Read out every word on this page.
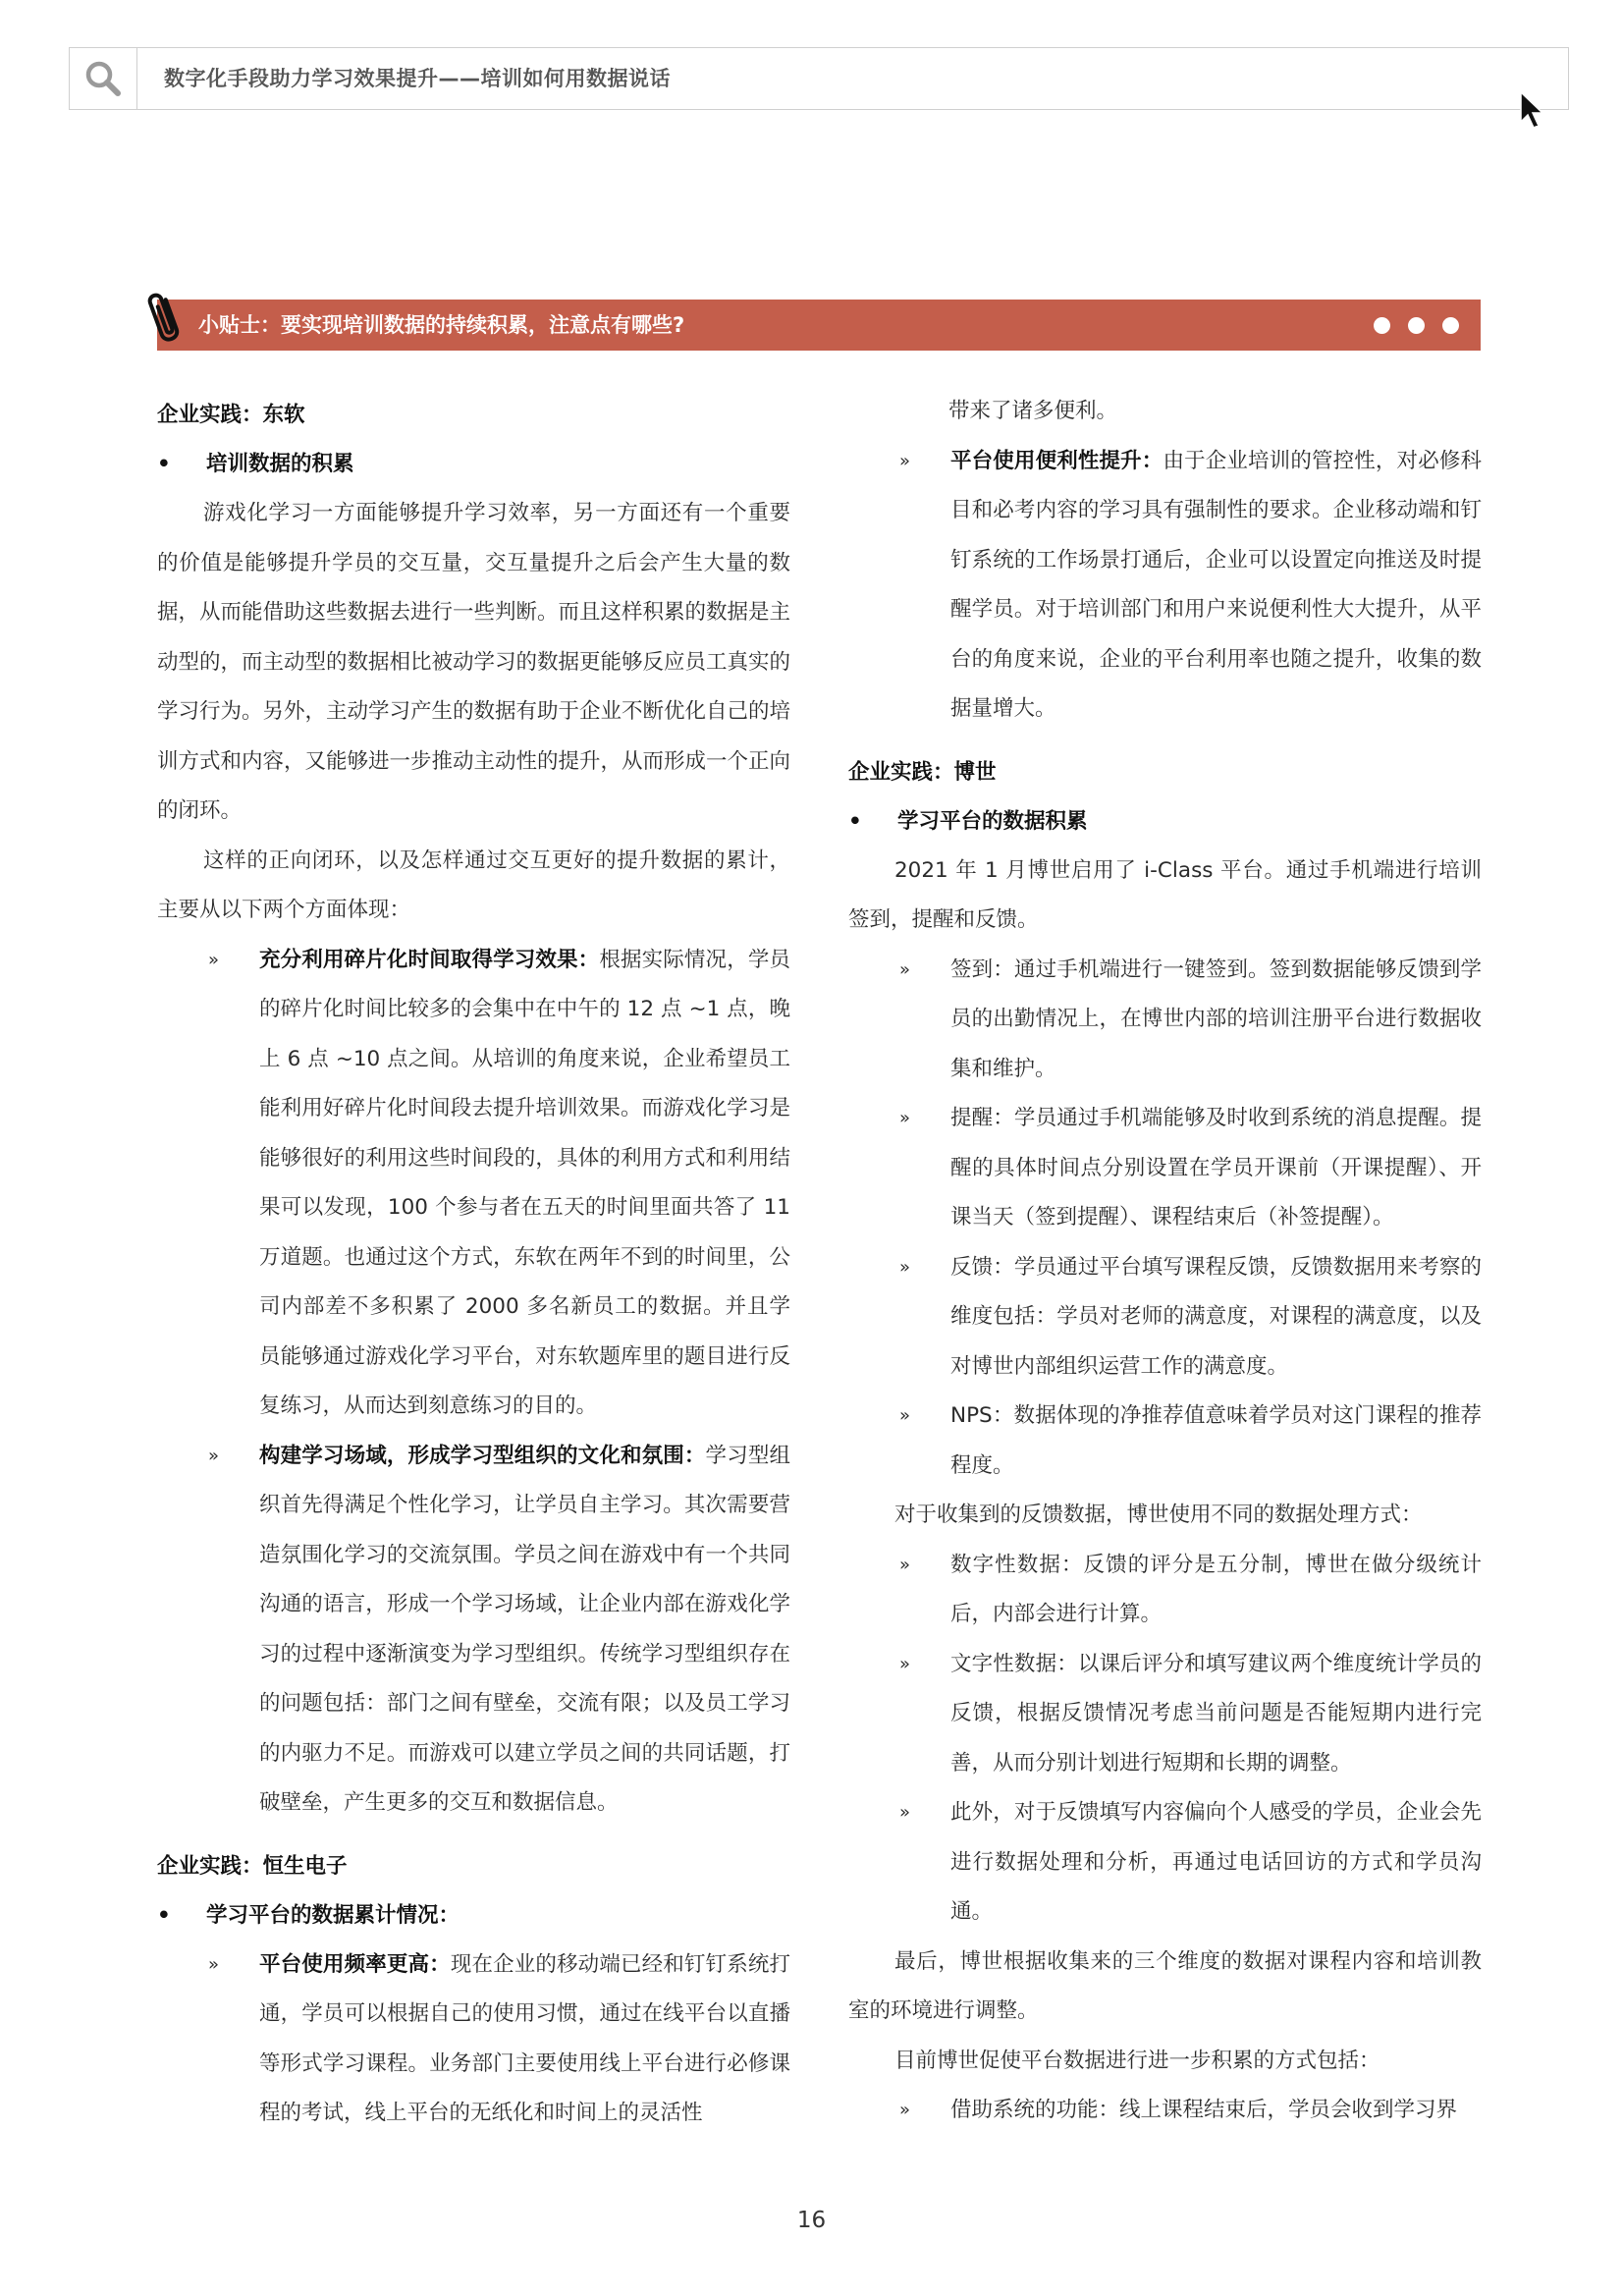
数字化手段助力学习效果提升——培训如何用数据说话
小贴士：要实现培训数据的持续积累，注意点有哪些?

企业实践：东软

•	培训数据的积累

游戏化学习一方面能够提升学习效率，另一方面还有一个重要的价值是能够提升学员的交互量，交互量提升之后会产生大量的数据，从而能借助这些数据去进行一些判断。而且这样积累的数据是主动型的，而主动型的数据相比被动学习的数据更能够反应员工真实的学习行为。另外，主动学习产生的数据有助于企业不断优化自己的培训方式和内容，又能够进一步推动主动性的提升，从而形成一个正向的闭环。

这样的正向闭环，以及怎样通过交互更好的提升数据的累计，主要从以下两个方面体现：

»	充分利用碎片化时间取得学习效果：根据实际情况，学员的碎片化时间比较多的会集中在中午的 12 点 ~1 点，晚上 6 点 ~10 点之间。从培训的角度来说，企业希望员工能利用好碎片化时间段去提升培训效果。而游戏化学习是能够很好的利用这些时间段的，具体的利用方式和利用结果可以发现，100 个参与者在五天的时间里面共答了 11 万道题。也通过这个方式，东软在两年不到的时间里，公司内部差不多积累了 2000 多名新员工的数据。并且学员能够通过游戏化学习平台，对东软题库里的题目进行反复练习，从而达到刻意练习的目的。
»	构建学习场域，形成学习型组织的文化和氛围：学习型组织首先得满足个性化学习，让学员自主学习。其次需要营造氛围化学习的交流氛围。学员之间在游戏中有一个共同沟通的语言，形成一个学习场域，让企业内部在游戏化学习的过程中逐渐演变为学习型组织。传统学习型组织存在的问题包括：部门之间有壁垒，交流有限；以及员工学习的内驱力不足。而游戏可以建立学员之间的共同话题，打破壁垒，产生更多的交互和数据信息。

企业实践：恒生电子

•	学习平台的数据累计情况：
»	平台使用频率更高：现在企业的移动端已经和钉钉系统打通，学员可以根据自己的使用习惯，通过在线平台以直播等形式学习课程。业务部门主要使用线上平台进行必修课程的考试，线上平台的无纸化和时间上的灵活性

带来了诸多便利。

»	平台使用便利性提升：由于企业培训的管控性，对必修科目和必考内容的学习具有强制性的要求。企业移动端和钉钉系统的工作场景打通后，企业可以设置定向推送及时提醒学员。对于培训部门和用户来说便利性大大提升，从平台的角度来说，企业的平台利用率也随之提升，收集的数据量增大。

企业实践：博世

•	学习平台的数据积累

2021 年 1 月博世启用了 i-Class 平台。通过手机端进行培训签到，提醒和反馈。

»	签到：通过手机端进行一键签到。签到数据能够反馈到学员的出勤情况上，在博世内部的培训注册平台进行数据收集和维护。
»	提醒：学员通过手机端能够及时收到系统的消息提醒。提醒的具体时间点分别设置在学员开课前（开课提醒）、开课当天（签到提醒）、课程结束后（补签提醒）。
»	反馈：学员通过平台填写课程反馈，反馈数据用来考察的维度包括：学员对老师的满意度，对课程的满意度，以及对博世内部组织运营工作的满意度。
»	NPS：数据体现的净推荐值意味着学员对这门课程的推荐程度。

对于收集到的反馈数据，博世使用不同的数据处理方式：

»	数字性数据：反馈的评分是五分制，博世在做分级统计后，内部会进行计算。
»	文字性数据：以课后评分和填写建议两个维度统计学员的反馈，根据反馈情况考虑当前问题是否能短期内进行完善，从而分别计划进行短期和长期的调整。
»	此外，对于反馈填写内容偏向个人感受的学员，企业会先进行数据处理和分析，再通过电话回访的方式和学员沟通。

最后，博世根据收集来的三个维度的数据对课程内容和培训教室的环境进行调整。

目前博世促使平台数据进行进一步积累的方式包括：

»	借助系统的功能：线上课程结束后，学员会收到学习界
16
